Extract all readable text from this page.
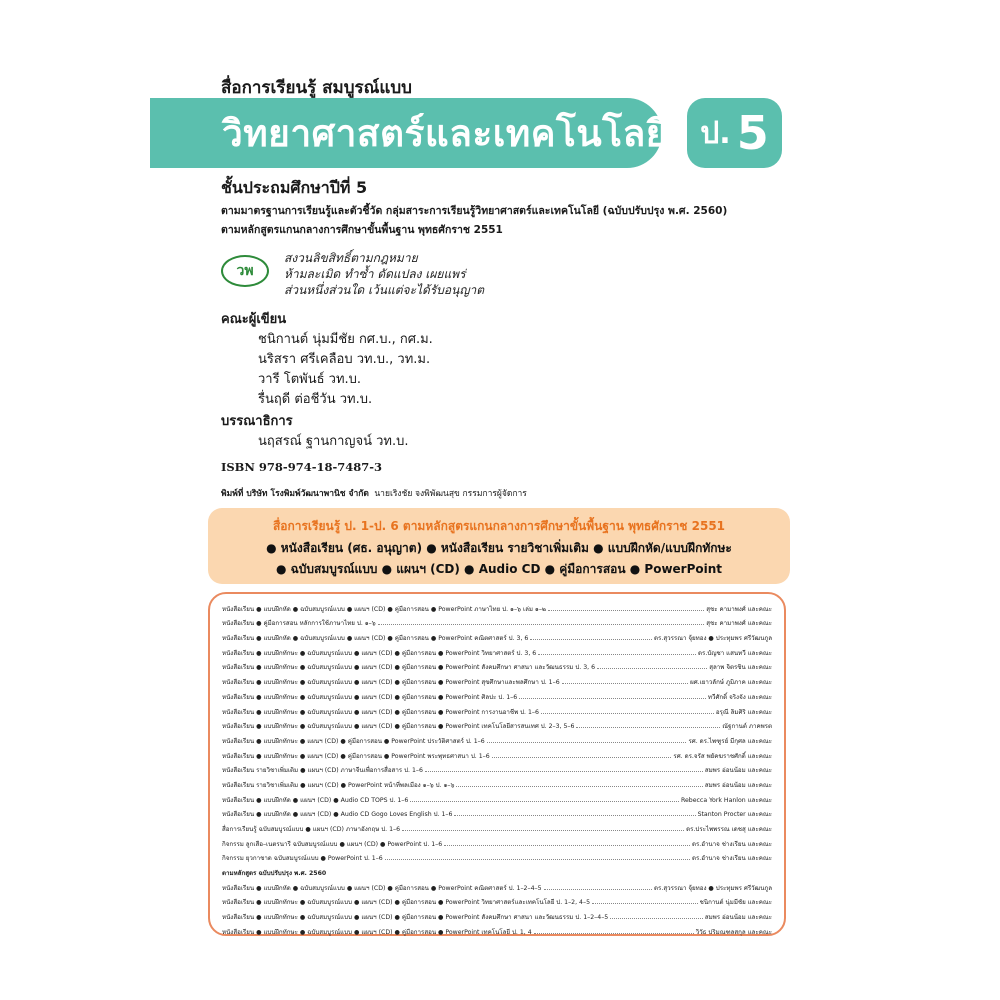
สื่อการเรียนรู้ สมบูรณ์แบบ
วิทยาศาสตร์และเทคโนโลยี ป. 5
ชั้นประถมศึกษาปีที่ 5
ตามมาตรฐานการเรียนรู้และตัวชี้วัด กลุ่มสาระการเรียนรู้วิทยาศาสตร์และเทคโนโลยี (ฉบับปรับปรุง พ.ศ. 2560)
ตามหลักสูตรแกนกลางการศึกษาขั้นพื้นฐาน พุทธศักราช 2551
วพ
สงวนลิขสิทธิ์ตามกฎหมาย
ห้ามละเมิด ทำซ้ำ ดัดแปลง เผยแพร่
ส่วนหนึ่งส่วนใด เว้นแต่จะได้รับอนุญาต
คณะผู้เขียน
ชนิกานต์ นุ่มมีชัย กศ.บ., กศ.ม.
นริสรา ศรีเคลือบ วท.บ., วท.ม.
วารี โตพันธ์ วท.บ.
รื่นฤดี ต่อชีวัน วท.บ.
บรรณาธิการ
นฤสรณ์ ฐานกาญจน์ วท.บ.
ISBN 978-974-18-7487-3
พิมพ์ที่ บริษัท โรงพิมพ์วัฒนาพานิช จำกัด นายเริงชัย จงพิพัฒนสุข กรรมการผู้จัดการ
สื่อการเรียนรู้ ป. 1-ป. 6 ตามหลักสูตรแกนกลางการศึกษาขั้นพื้นฐาน พุทธศักราช 2551
● หนังสือเรียน (ศธ. อนุญาต) ● หนังสือเรียน รายวิชาเพิ่มเติม ● แบบฝึกหัด/แบบฝึกทักษะ
● ฉบับสมบูรณ์แบบ ● แผนฯ (CD) ● Audio CD ● คู่มือการสอน ● PowerPoint
หนังสือเรียน ● แบบฝึกหัด ● ฉบับสมบูรณ์แบบ ● แผนฯ (CD) ● คู่มือการสอน ● PowerPoint ภาษาไทย ป. ๑–๖ เล่ม ๑–๒	สุชะ คามาพงศ์ และคณะ
หนังสือเรียน ● คู่มือการสอน หลักการใช้ภาษาไทย ป. ๑–๖	สุชะ คามาพงศ์ และคณะ
หนังสือเรียน ● แบบฝึกหัด ● ฉบับสมบูรณ์แบบ ● แผนฯ (CD) ● คู่มือการสอน ● PowerPoint คณิตศาสตร์ ป. 3, 6	ดร.สุวรรณา จุ้ยทอง ● ประทุมพร ศรีวัฒนกูล
หนังสือเรียน ● แบบฝึกทักษะ ● ฉบับสมบูรณ์แบบ ● แผนฯ (CD) ● คู่มือการสอน ● PowerPoint วิทยาศาสตร์ ป. 3, 6	ดร.บัญชา แสนทวี และคณะ
หนังสือเรียน ● แบบฝึกทักษะ ● ฉบับสมบูรณ์แบบ ● แผนฯ (CD) ● คู่มือการสอน ● PowerPoint สังคมศึกษา ศาสนา และวัฒนธรรม ป. 3, 6	สุลาพ จิตรชิน และคณะ
หนังสือเรียน ● แบบฝึกทักษะ ● ฉบับสมบูรณ์แบบ ● แผนฯ (CD) ● คู่มือการสอน ● PowerPoint สุขศึกษาและพลศึกษา ป. 1–6	ผศ.เยาวลักษ์ ภูมิภาค และคณะ
หนังสือเรียน ● แบบฝึกทักษะ ● ฉบับสมบูรณ์แบบ ● แผนฯ (CD) ● คู่มือการสอน ● PowerPoint ศิลปะ ป. 1–6	ทวีศักดิ์ จริงจัง และคณะ
หนังสือเรียน ● แบบฝึกทักษะ ● ฉบับสมบูรณ์แบบ ● แผนฯ (CD) ● คู่มือการสอน ● PowerPoint การงานอาชีพ ป. 1–6	อรุณี ลิมศิริ และคณะ
หนังสือเรียน ● แบบฝึกทักษะ ● ฉบับสมบูรณ์แบบ ● แผนฯ (CD) ● คู่มือการสอน ● PowerPoint เทคโนโลยีสารสนเทศ ป. 2–3, 5–6	ณัฐกานต์ ภาคพรต
หนังสือเรียน ● แบบฝึกทักษะ ● แผนฯ (CD) ● คู่มือการสอน ● PowerPoint ประวัติศาสตร์ ป. 1–6	รศ. ดร.ไพฑูรย์ มีกุศล และคณะ
หนังสือเรียน ● แบบฝึกทักษะ ● แผนฯ (CD) ● คู่มือการสอน ● PowerPoint พระพุทธศาสนา ป. 1–6	รศ. ดร.จรัส พยัคฆราชศักดิ์ และคณะ
หนังสือเรียน รายวิชาเพิ่มเติม ● แผนฯ (CD) ภาษาจีนเพื่อการสื่อสาร ป. 1–6	สมพร อ่อนน้อม และคณะ
หนังสือเรียน รายวิชาเพิ่มเติม ● แผนฯ (CD) ● PowerPoint หน้าที่พลเมือง ๑–๖ ป. ๑–๖	สมพร อ่อนน้อม และคณะ
หนังสือเรียน ● แบบฝึกหัด ● แผนฯ (CD) ● Audio CD TOPS ป. 1–6	Rebecca York Hanlon และคณะ
หนังสือเรียน ● แบบฝึกหัด ● แผนฯ (CD) ● Audio CD Gogo Loves English ป. 1–6	Stanton Procter และคณะ
สื่อการเรียนรู้ ฉบับสมบูรณ์แบบ ● แผนฯ (CD) ภาษาอังกฤษ ป. 1–6	ดร.ประไพพรรณ เดชสุ และคณะ
กิจกรรม ลูกเสือ–เนตรนารี ฉบับสมบูรณ์แบบ ● แผนฯ (CD) ● PowerPoint ป. 1–6	ดร.อำนาจ ช่างเรียน และคณะ
กิจกรรม ยุวกาชาด ฉบับสมบูรณ์แบบ ● PowerPoint ป. 1–6	ดร.อำนาจ ช่างเรียน และคณะ
ตามหลักสูตร ฉบับปรับปรุง พ.ศ. 2560
หนังสือเรียน ● แบบฝึกหัด ● ฉบับสมบูรณ์แบบ ● แผนฯ (CD) ● คู่มือการสอน ● PowerPoint คณิตศาสตร์ ป. 1–2–4–5	ดร.สุวรรณา จุ้ยทอง ● ประทุมพร ศรีวัฒนกูล
หนังสือเรียน ● แบบฝึกทักษะ ● ฉบับสมบูรณ์แบบ ● แผนฯ (CD) ● คู่มือการสอน ● PowerPoint วิทยาศาสตร์และเทคโนโลยี ป. 1–2, 4–5	ชนิกานต์ นุ่มมีชัย และคณะ
หนังสือเรียน ● แบบฝึกทักษะ ● ฉบับสมบูรณ์แบบ ● แผนฯ (CD) ● คู่มือการสอน ● PowerPoint สังคมศึกษา ศาสนา และวัฒนธรรม ป. 1–2–4–5	สมพร อ่อนน้อม และคณะ
หนังสือเรียน ● แบบฝึกทักษะ ● ฉบับสมบูรณ์แบบ ● แผนฯ (CD) ● คู่มือการสอน ● PowerPoint เทคโนโลยี ป. 1, 4	วิวัธ ปริมณฑลสกุล และคณะ
